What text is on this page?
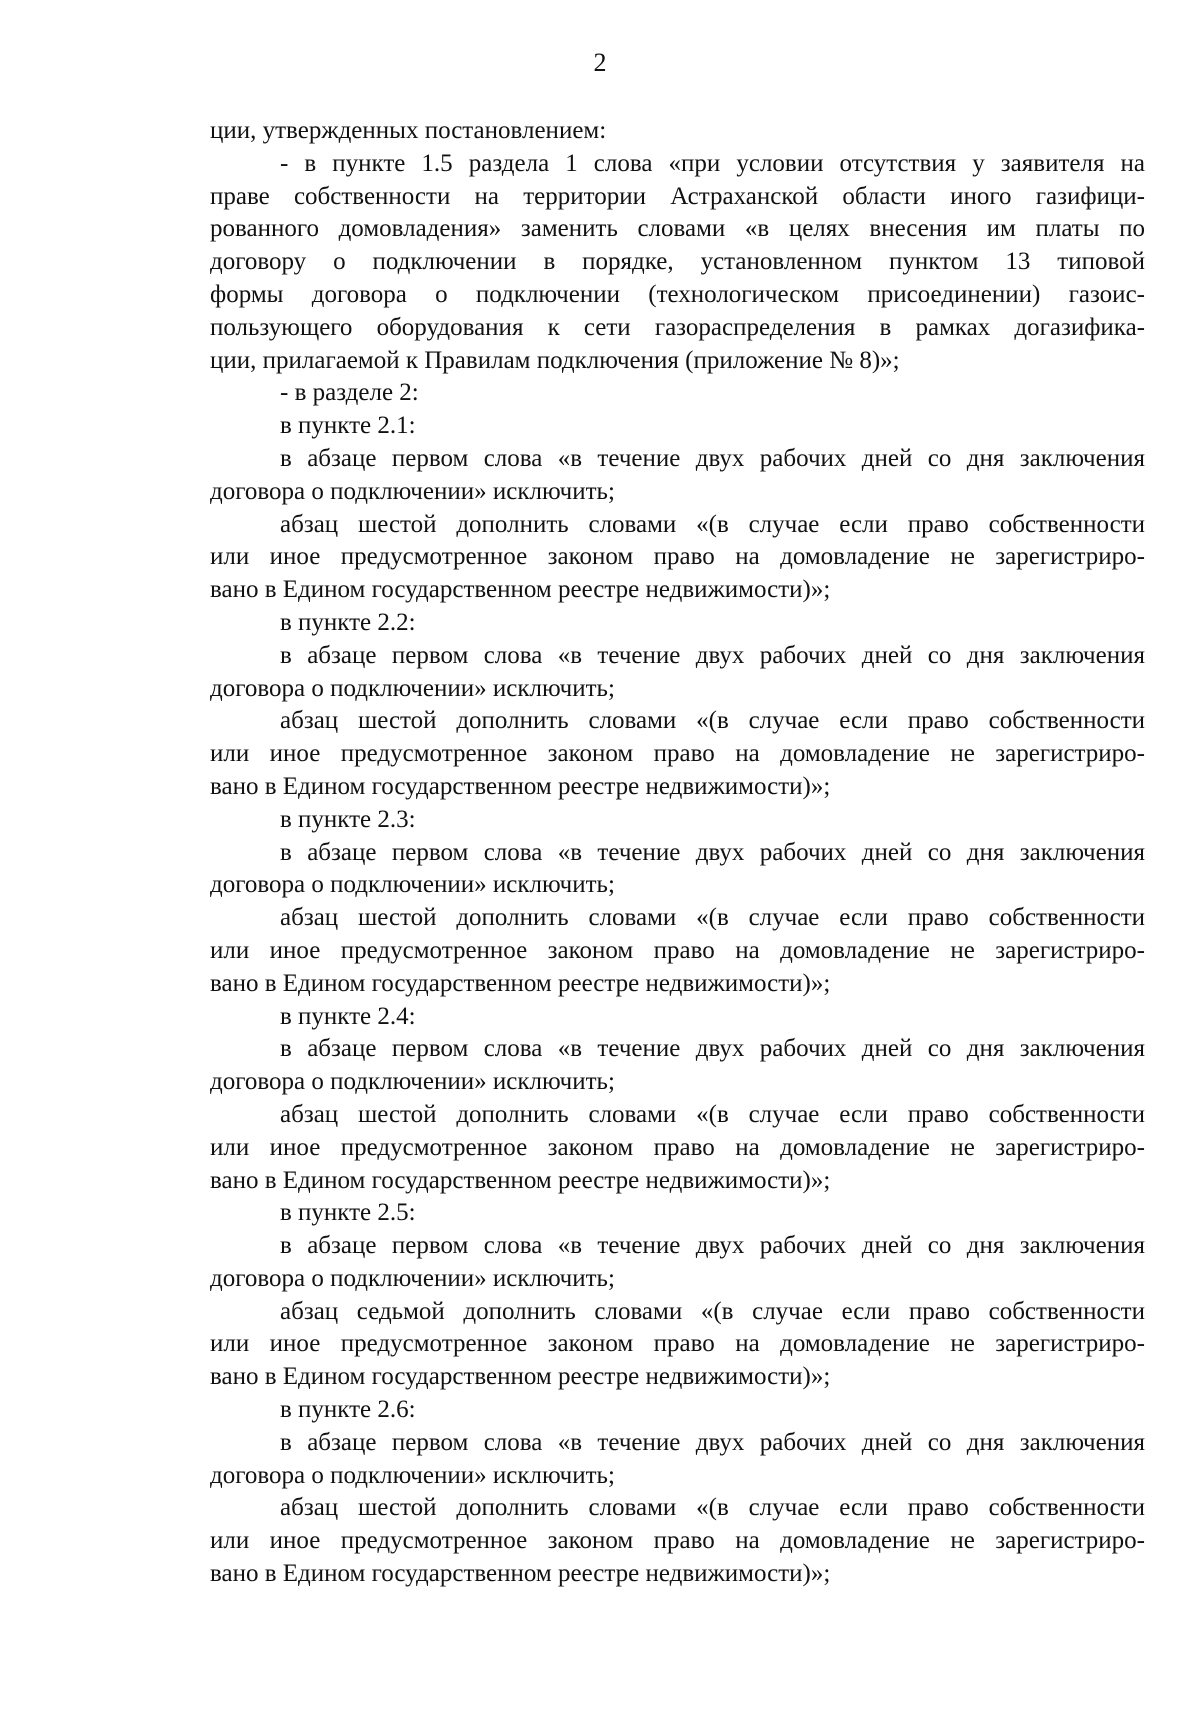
2
ции, утвержденных постановлением:
- в пункте 1.5 раздела 1 слова «при условии отсутствия у заявителя на
праве собственности на территории Астраханской области иного газифици-
рованного домовладения» заменить словами «в целях внесения им платы по
договору о подключении в порядке, установленном пунктом 13 типовой
формы договора о подключении (технологическом присоединении) газоис-
пользующего оборудования к сети газораспределения в рамках догазифика-
ции, прилагаемой к Правилам подключения (приложение № 8)»;
- в разделе 2:
в пункте 2.1:
в абзаце первом слова «в течение двух рабочих дней со дня заключения
договора о подключении» исключить;
абзац шестой дополнить словами «(в случае если право собственности
или иное предусмотренное законом право на домовладение не зарегистриро-
вано в Едином государственном реестре недвижимости)»;
в пункте 2.2:
в абзаце первом слова «в течение двух рабочих дней со дня заключения
договора о подключении» исключить;
абзац шестой дополнить словами «(в случае если право собственности
или иное предусмотренное законом право на домовладение не зарегистриро-
вано в Едином государственном реестре недвижимости)»;
в пункте 2.3:
в абзаце первом слова «в течение двух рабочих дней со дня заключения
договора о подключении» исключить;
абзац шестой дополнить словами «(в случае если право собственности
или иное предусмотренное законом право на домовладение не зарегистриро-
вано в Едином государственном реестре недвижимости)»;
в пункте 2.4:
в абзаце первом слова «в течение двух рабочих дней со дня заключения
договора о подключении» исключить;
абзац шестой дополнить словами «(в случае если право собственности
или иное предусмотренное законом право на домовладение не зарегистриро-
вано в Едином государственном реестре недвижимости)»;
в пункте 2.5:
в абзаце первом слова «в течение двух рабочих дней со дня заключения
договора о подключении» исключить;
абзац седьмой дополнить словами «(в случае если право собственности
или иное предусмотренное законом право на домовладение не зарегистриро-
вано в Едином государственном реестре недвижимости)»;
в пункте 2.6:
в абзаце первом слова «в течение двух рабочих дней со дня заключения
договора о подключении» исключить;
абзац шестой дополнить словами «(в случае если право собственности
или иное предусмотренное законом право на домовладение не зарегистриро-
вано в Едином государственном реестре недвижимости)»;
